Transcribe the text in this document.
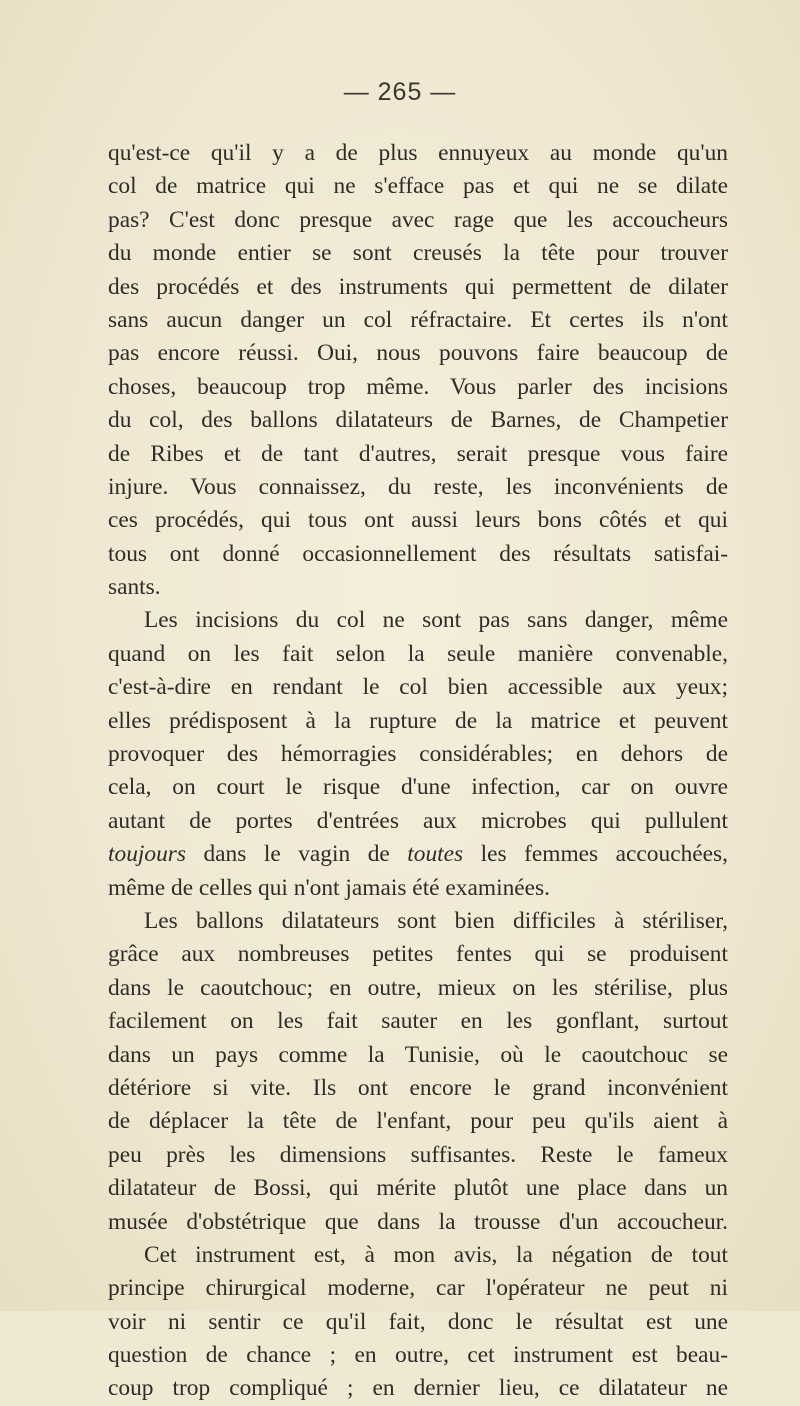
— 265 —
qu'est-ce qu'il y a de plus ennuyeux au monde qu'un
col de matrice qui ne s'efface pas et qui ne se dilate
pas? C'est donc presque avec rage que les accoucheurs
du monde entier se sont creusés la tête pour trouver
des procédés et des instruments qui permettent de dilater
sans aucun danger un col réfractaire. Et certes ils n'ont
pas encore réussi. Oui, nous pouvons faire beaucoup de
choses, beaucoup trop même. Vous parler des incisions
du col, des ballons dilatateurs de Barnes, de Champetier
de Ribes et de tant d'autres, serait presque vous faire
injure. Vous connaissez, du reste, les inconvénients de
ces procédés, qui tous ont aussi leurs bons côtés et qui
tous ont donné occasionnellement des résultats satisfai-
sants.
Les incisions du col ne sont pas sans danger, même
quand on les fait selon la seule manière convenable,
c'est-à-dire en rendant le col bien accessible aux yeux;
elles prédisposent à la rupture de la matrice et peuvent
provoquer des hémorragies considérables; en dehors de
cela, on court le risque d'une infection, car on ouvre
autant de portes d'entrées aux microbes qui pullulent
toujours dans le vagin de toutes les femmes accouchées,
même de celles qui n'ont jamais été examinées.
Les ballons dilatateurs sont bien difficiles à stériliser,
grâce aux nombreuses petites fentes qui se produisent
dans le caoutchouc; en outre, mieux on les stérilise, plus
facilement on les fait sauter en les gonflant, surtout
dans un pays comme la Tunisie, où le caoutchouc se
détériore si vite. Ils ont encore le grand inconvénient
de déplacer la tête de l'enfant, pour peu qu'ils aient à
peu près les dimensions suffisantes. Reste le fameux
dilatateur de Bossi, qui mérite plutôt une place dans un
musée d'obstétrique que dans la trousse d'un accoucheur.
Cet instrument est, à mon avis, la négation de tout
principe chirurgical moderne, car l'opérateur ne peut ni
voir ni sentir ce qu'il fait, donc le résultat est une
question de chance ; en outre, cet instrument est beau-
coup trop compliqué ; en dernier lieu, ce dilatateur ne
